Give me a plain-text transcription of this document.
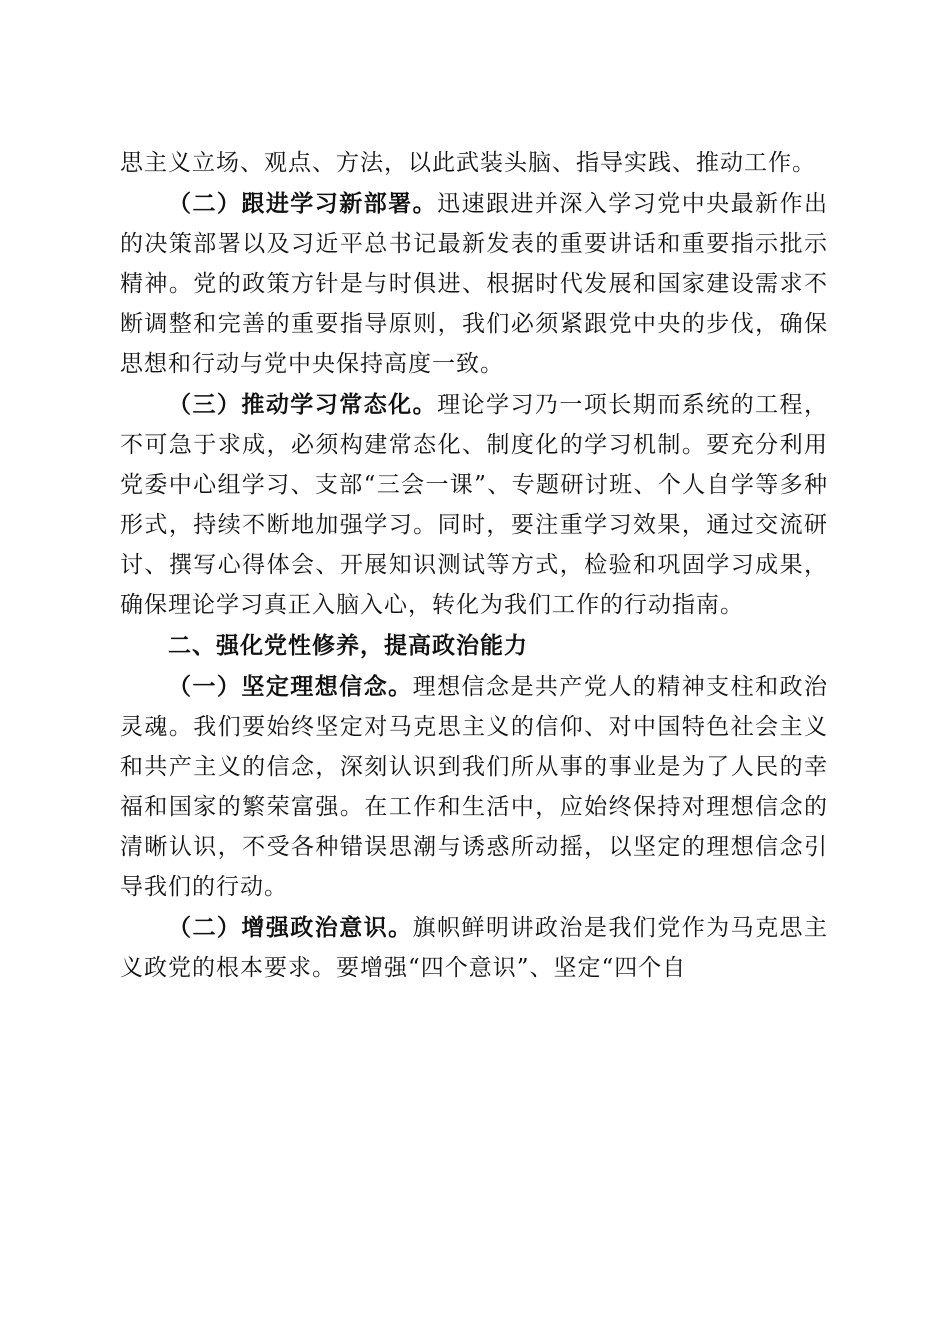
思主义立场、观点、方法，以此武装头脑、指导实践、推动工作。

（二）跟进学习新部署。迅速跟进并深入学习党中央最新作出的决策部署以及习近平总书记最新发表的重要讲话和重要指示批示精神。党的政策方针是与时俱进、根据时代发展和国家建设需求不断调整和完善的重要指导原则，我们必须紧跟党中央的步伐，确保思想和行动与党中央保持高度一致。

（三）推动学习常态化。理论学习乃一项长期而系统的工程，不可急于求成，必须构建常态化、制度化的学习机制。要充分利用党委中心组学习、支部“三会一课”、专题研讨班、个人自学等多种形式，持续不断地加强学习。同时，要注重学习效果，通过交流研讨、撰写心得体会、开展知识测试等方式，检验和巩固学习成果，确保理论学习真正入脑入心，转化为我们工作的行动指南。

二、强化党性修养，提高政治能力

（一）坚定理想信念。理想信念是共产党人的精神支柱和政治灵魂。我们要始终坚定对马克思主义的信仰、对中国特色社会主义和共产主义的信念，深刻认识到我们所从事的事业是为了人民的幸福和国家的繁荣富强。在工作和生活中，应始终保持对理想信念的清晰认识，不受各种错误思潮与诱惑所动摇，以坚定的理想信念引导我们的行动。

（二）增强政治意识。旗帜鲜明讲政治是我们党作为马克思主义政党的根本要求。要增强“四个意识”、坚定“四个自
